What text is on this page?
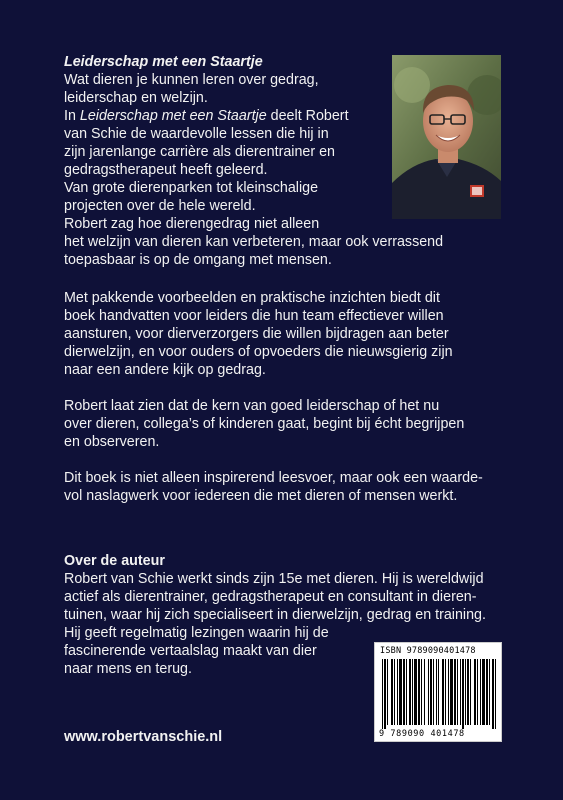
Leiderschap met een Staartje
Wat dieren je kunnen leren over gedrag,
leiderschap en welzijn.
In Leiderschap met een Staartje deelt Robert
van Schie de waardevolle lessen die hij in
zijn jarenlange carrière als dierentrainer en
gedragstherapeut heeft geleerd.
Van grote dierenparken tot kleinschalige
projecten over de hele wereld.
Robert zag hoe dierengedrag niet alleen
het welzijn van dieren kan verbeteren, maar ook verrassend
toepasbaar is op de omgang met mensen.
Met pakkende voorbeelden en praktische inzichten biedt dit
boek handvatten voor leiders die hun team effectiever willen
aansturen, voor dierverzorgers die willen bijdragen aan beter
dierwelzijn, en voor ouders of opvoeders die nieuwsgierig zijn
naar een andere kijk op gedrag.
Robert laat zien dat de kern van goed leiderschap of het nu
over dieren, collega’s of kinderen gaat, begint bij écht begrijpen
en observeren.
Dit boek is niet alleen inspirerend leesvoer, maar ook een waarde-
vol naslagwerk voor iedereen die met dieren of mensen werkt.
Over de auteur
Robert van Schie werkt sinds zijn 15e met dieren. Hij is wereldwijd
actief als dierentrainer, gedragstherapeut en consultant in dieren-
tuinen, waar hij zich specialiseert in dierwelzijn, gedrag en training.
Hij geeft regelmatig lezingen waarin hij de
fascinerende vertaalslag maakt van dier
naar mens en terug.
ISBN 9789090401478
9 789090 401478
www.robertvanschie.nl
